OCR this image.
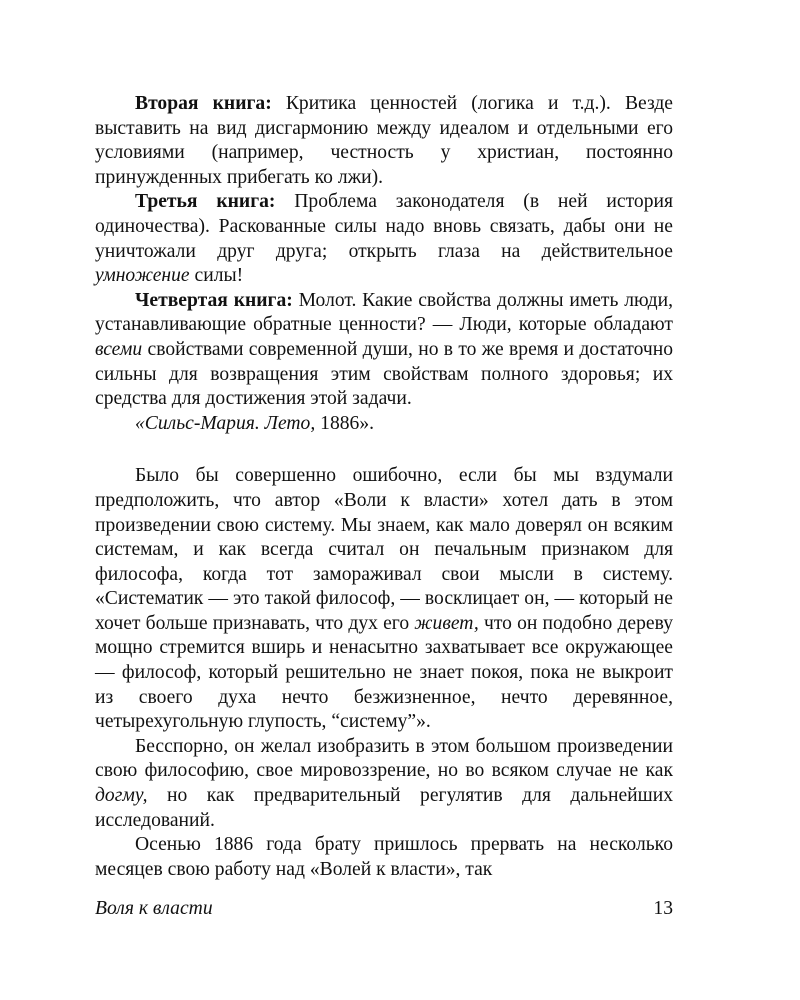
Вторая книга: Критика ценностей (логика и т.д.). Везде выставить на вид дисгармонию между идеалом и отдельными его условиями (например, честность у христиан, постоянно принужденных прибегать ко лжи).

Третья книга: Проблема законодателя (в ней история одиночества). Раскованные силы надо вновь связать, дабы они не уничтожали друг друга; открыть глаза на действительное умножение силы!

Четвертая книга: Молот. Какие свойства должны иметь люди, устанавливающие обратные ценности? — Люди, которые обладают всеми свойствами современной души, но в то же время и достаточно сильны для возвращения этим свойствам полного здоровья; их средства для достижения этой задачи.

«Сильс-Мария. Лето, 1886».

Было бы совершенно ошибочно, если бы мы вздумали предположить, что автор «Воли к власти» хотел дать в этом произведении свою систему. Мы знаем, как мало доверял он всяким системам, и как всегда считал он печальным признаком для философа, когда тот замораживал свои мысли в систему. «Систематик — это такой философ, — восклицает он, — который не хочет больше признавать, что дух его живет, что он подобно дереву мощно стремится вширь и ненасытно захватывает все окружающее — философ, который решительно не знает покоя, пока не выкроит из своего духа нечто безжизненное, нечто деревянное, четырехугольную глупость, “систему”».

Бесспорно, он желал изобразить в этом большом произведении свою философию, свое мировоззрение, но во всяком случае не как догму, но как предварительный регулятив для дальнейших исследований.

Осенью 1886 года брату пришлось прервать на несколько месяцев свою работу над «Волей к власти», так

Воля к власти	13
